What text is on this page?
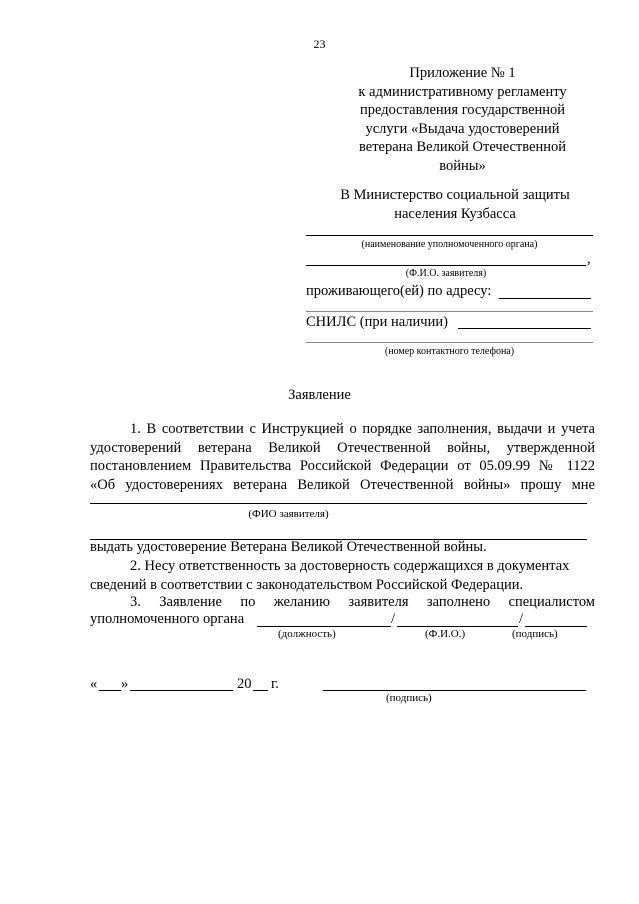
23
Приложение № 1
к административному регламенту
предоставления государственной
услуги «Выдача удостоверений
ветерана Великой Отечественной
войны»
В Министерство социальной защиты
населения Кузбасса
(наименование уполномоченного органа)
,
(Ф.И.О. заявителя)
проживающего(ей) по адресу:
СНИЛС (при наличии)
(номер контактного телефона)
Заявление
1. В соответствии с Инструкцией о порядке заполнения, выдачи и учета
удостоверений ветерана Великой Отечественной войны, утвержденной
постановлением Правительства Российской Федерации от 05.09.99 № 1122
«Об удостоверениях ветерана Великой Отечественной войны» прошу мне
(ФИО заявителя)
выдать удостоверение Ветерана Великой Отечественной войны.
2. Несу ответственность за достоверность содержащихся в документах
сведений в соответствии с законодательством Российской Федерации.
3. Заявление по желанию заявителя заполнено специалистом
уполномоченного органа	/	/
(должность)	(Ф.И.О.)	(подпись)
« »	20 г.
(подпись)
